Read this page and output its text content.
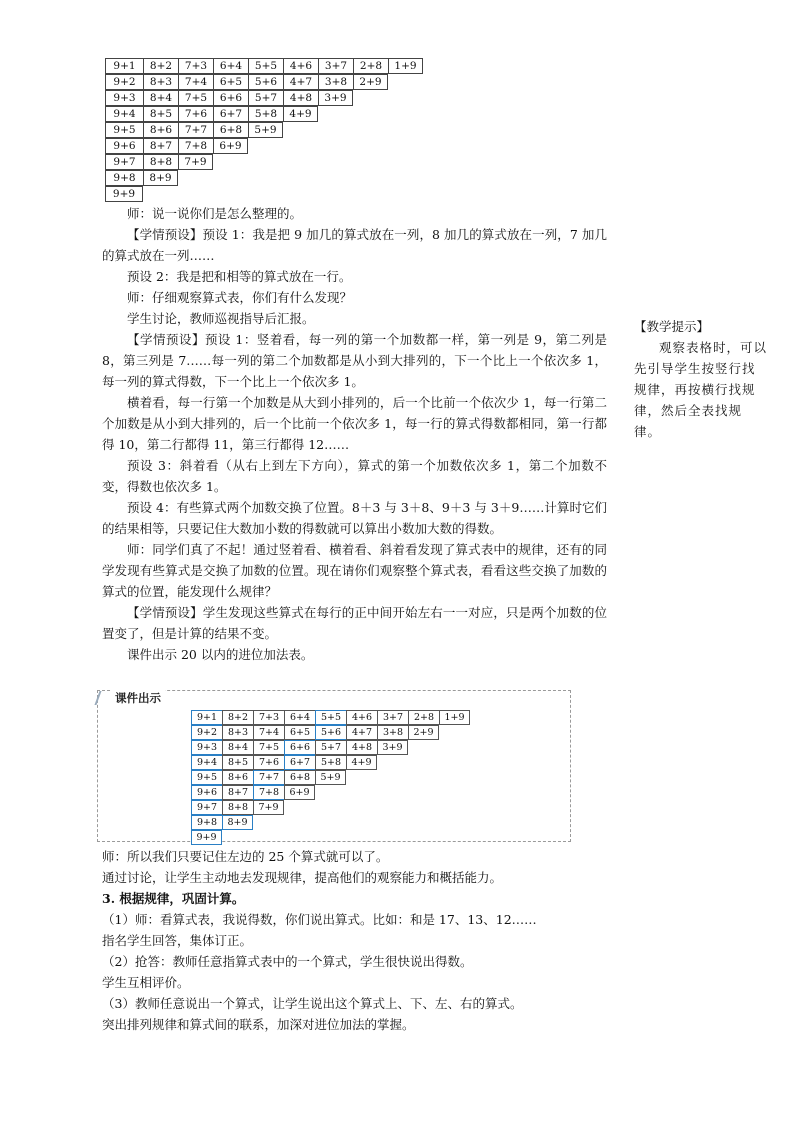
9+1	8+2	7+3	6+4	5+5	4+6	3+7	2+8	1+9
9+2	8+3	7+4	6+5	5+6	4+7	3+8	2+9
9+3	8+4	7+5	6+6	5+7	4+8	3+9
9+4	8+5	7+6	6+7	5+8	4+9
9+5	8+6	7+7	6+8	5+9
9+6	8+7	7+8	6+9
9+7	8+8	7+9
9+8	8+9
9+9

师：说一说你们是怎么整理的。

【学情预设】预设 1：我是把 9 加几的算式放在一列，8 加几的算式放在一列，7 加几的算式放在一列……

预设 2：我是把和相等的算式放在一行。

师：仔细观察算式表，你们有什么发现？

学生讨论，教师巡视指导后汇报。

【学情预设】预设 1：竖着看，每一列的第一个加数都一样，第一列是 9，第二列是 8，第三列是 7……每一列的第二个加数都是从小到大排列的，下一个比上一个依次多 1，每一列的算式得数，下一个比上一个依次多 1。

横着看，每一行第一个加数是从大到小排列的，后一个比前一个依次少 1，每一行第二个加数是从小到大排列的，后一个比前一个依次多 1，每一行的算式得数都相同，第一行都得 10，第二行都得 11，第三行都得 12……

预设 3：斜着看（从右上到左下方向），算式的第一个加数依次多 1，第二个加数不变，得数也依次多 1。

预设 4：有些算式两个加数交换了位置。8＋3 与 3＋8、9＋3 与 3＋9……计算时它们的结果相等，只要记住大数加小数的得数就可以算出小数加大数的得数。

师：同学们真了不起！通过竖着看、横着看、斜着看发现了算式表中的规律，还有的同学发现有些算式是交换了加数的位置。现在请你们观察整个算式表，看看这些交换了加数的算式的位置，能发现什么规律？

【学情预设】学生发现这些算式在每行的正中间开始左右一一对应，只是两个加数的位置变了，但是计算的结果不变。

课件出示 20 以内的进位加法表。

【教学提示】

观察表格时，可以先引导学生按竖行找规律，再按横行找规律，然后全表找规律。

课件出示
9+1	8+2	7+3	6+4	5+5	4+6	3+7	2+8	1+9
9+2	8+3	7+4	6+5	5+6	4+7	3+8	2+9
9+3	8+4	7+5	6+6	5+7	4+8	3+9
9+4	8+5	7+6	6+7	5+8	4+9
9+5	8+6	7+7	6+8	5+9
9+6	8+7	7+8	6+9
9+7	8+8	7+9
9+8	8+9
9+9

师：所以我们只要记住左边的 25 个算式就可以了。

通过讨论，让学生主动地去发现规律，提高他们的观察能力和概括能力。

3. 根据规律，巩固计算。

（1）师：看算式表，我说得数，你们说出算式。比如：和是 17、13、12……

指名学生回答，集体订正。

（2）抢答：教师任意指算式表中的一个算式，学生很快说出得数。

学生互相评价。

（3）教师任意说出一个算式，让学生说出这个算式上、下、左、右的算式。

突出排列规律和算式间的联系，加深对进位加法的掌握。
